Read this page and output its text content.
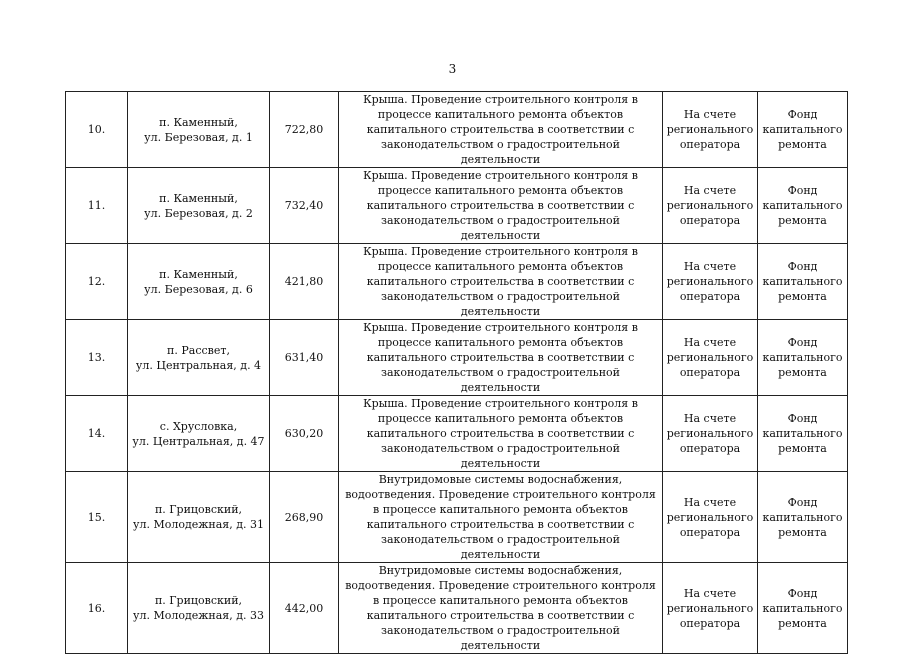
3
10.	п. Каменный,
ул. Березовая, д. 1	722,80	Крыша. Проведение строительного контроля в процессе капитального ремонта объектов капитального строительства в соответствии с законодательством о градостроительной деятельности	На счете регионального оператора	Фонд капитального ремонта
11.	п. Каменный,
ул. Березовая, д. 2	732,40	Крыша. Проведение строительного контроля в процессе капитального ремонта объектов капитального строительства в соответствии с законодательством о градостроительной деятельности	На счете регионального оператора	Фонд капитального ремонта
12.	п. Каменный,
ул. Березовая, д. 6	421,80	Крыша. Проведение строительного контроля в процессе капитального ремонта объектов капитального строительства в соответствии с законодательством о градостроительной деятельности	На счете регионального оператора	Фонд капитального ремонта
13.	п. Рассвет,
ул. Центральная, д. 4	631,40	Крыша. Проведение строительного контроля в процессе капитального ремонта объектов капитального строительства в соответствии с законодательством о градостроительной деятельности	На счете регионального оператора	Фонд капитального ремонта
14.	с. Хрусловка,
ул. Центральная, д. 47	630,20	Крыша. Проведение строительного контроля в процессе капитального ремонта объектов капитального строительства в соответствии с законодательством о градостроительной деятельности	На счете регионального оператора	Фонд капитального ремонта
15.	п. Грицовский,
ул. Молодежная, д. 31	268,90	Внутридомовые системы водоснабжения, водоотведения. Проведение строительного контроля в процессе капитального ремонта объектов капитального строительства в соответствии с законодательством о градостроительной деятельности	На счете регионального оператора	Фонд капитального ремонта
16.	п. Грицовский,
ул. Молодежная, д. 33	442,00	Внутридомовые системы водоснабжения, водоотведения. Проведение строительного контроля в процессе капитального ремонта объектов капитального строительства в соответствии с законодательством о градостроительной деятельности	На счете регионального оператора	Фонд капитального ремонта
